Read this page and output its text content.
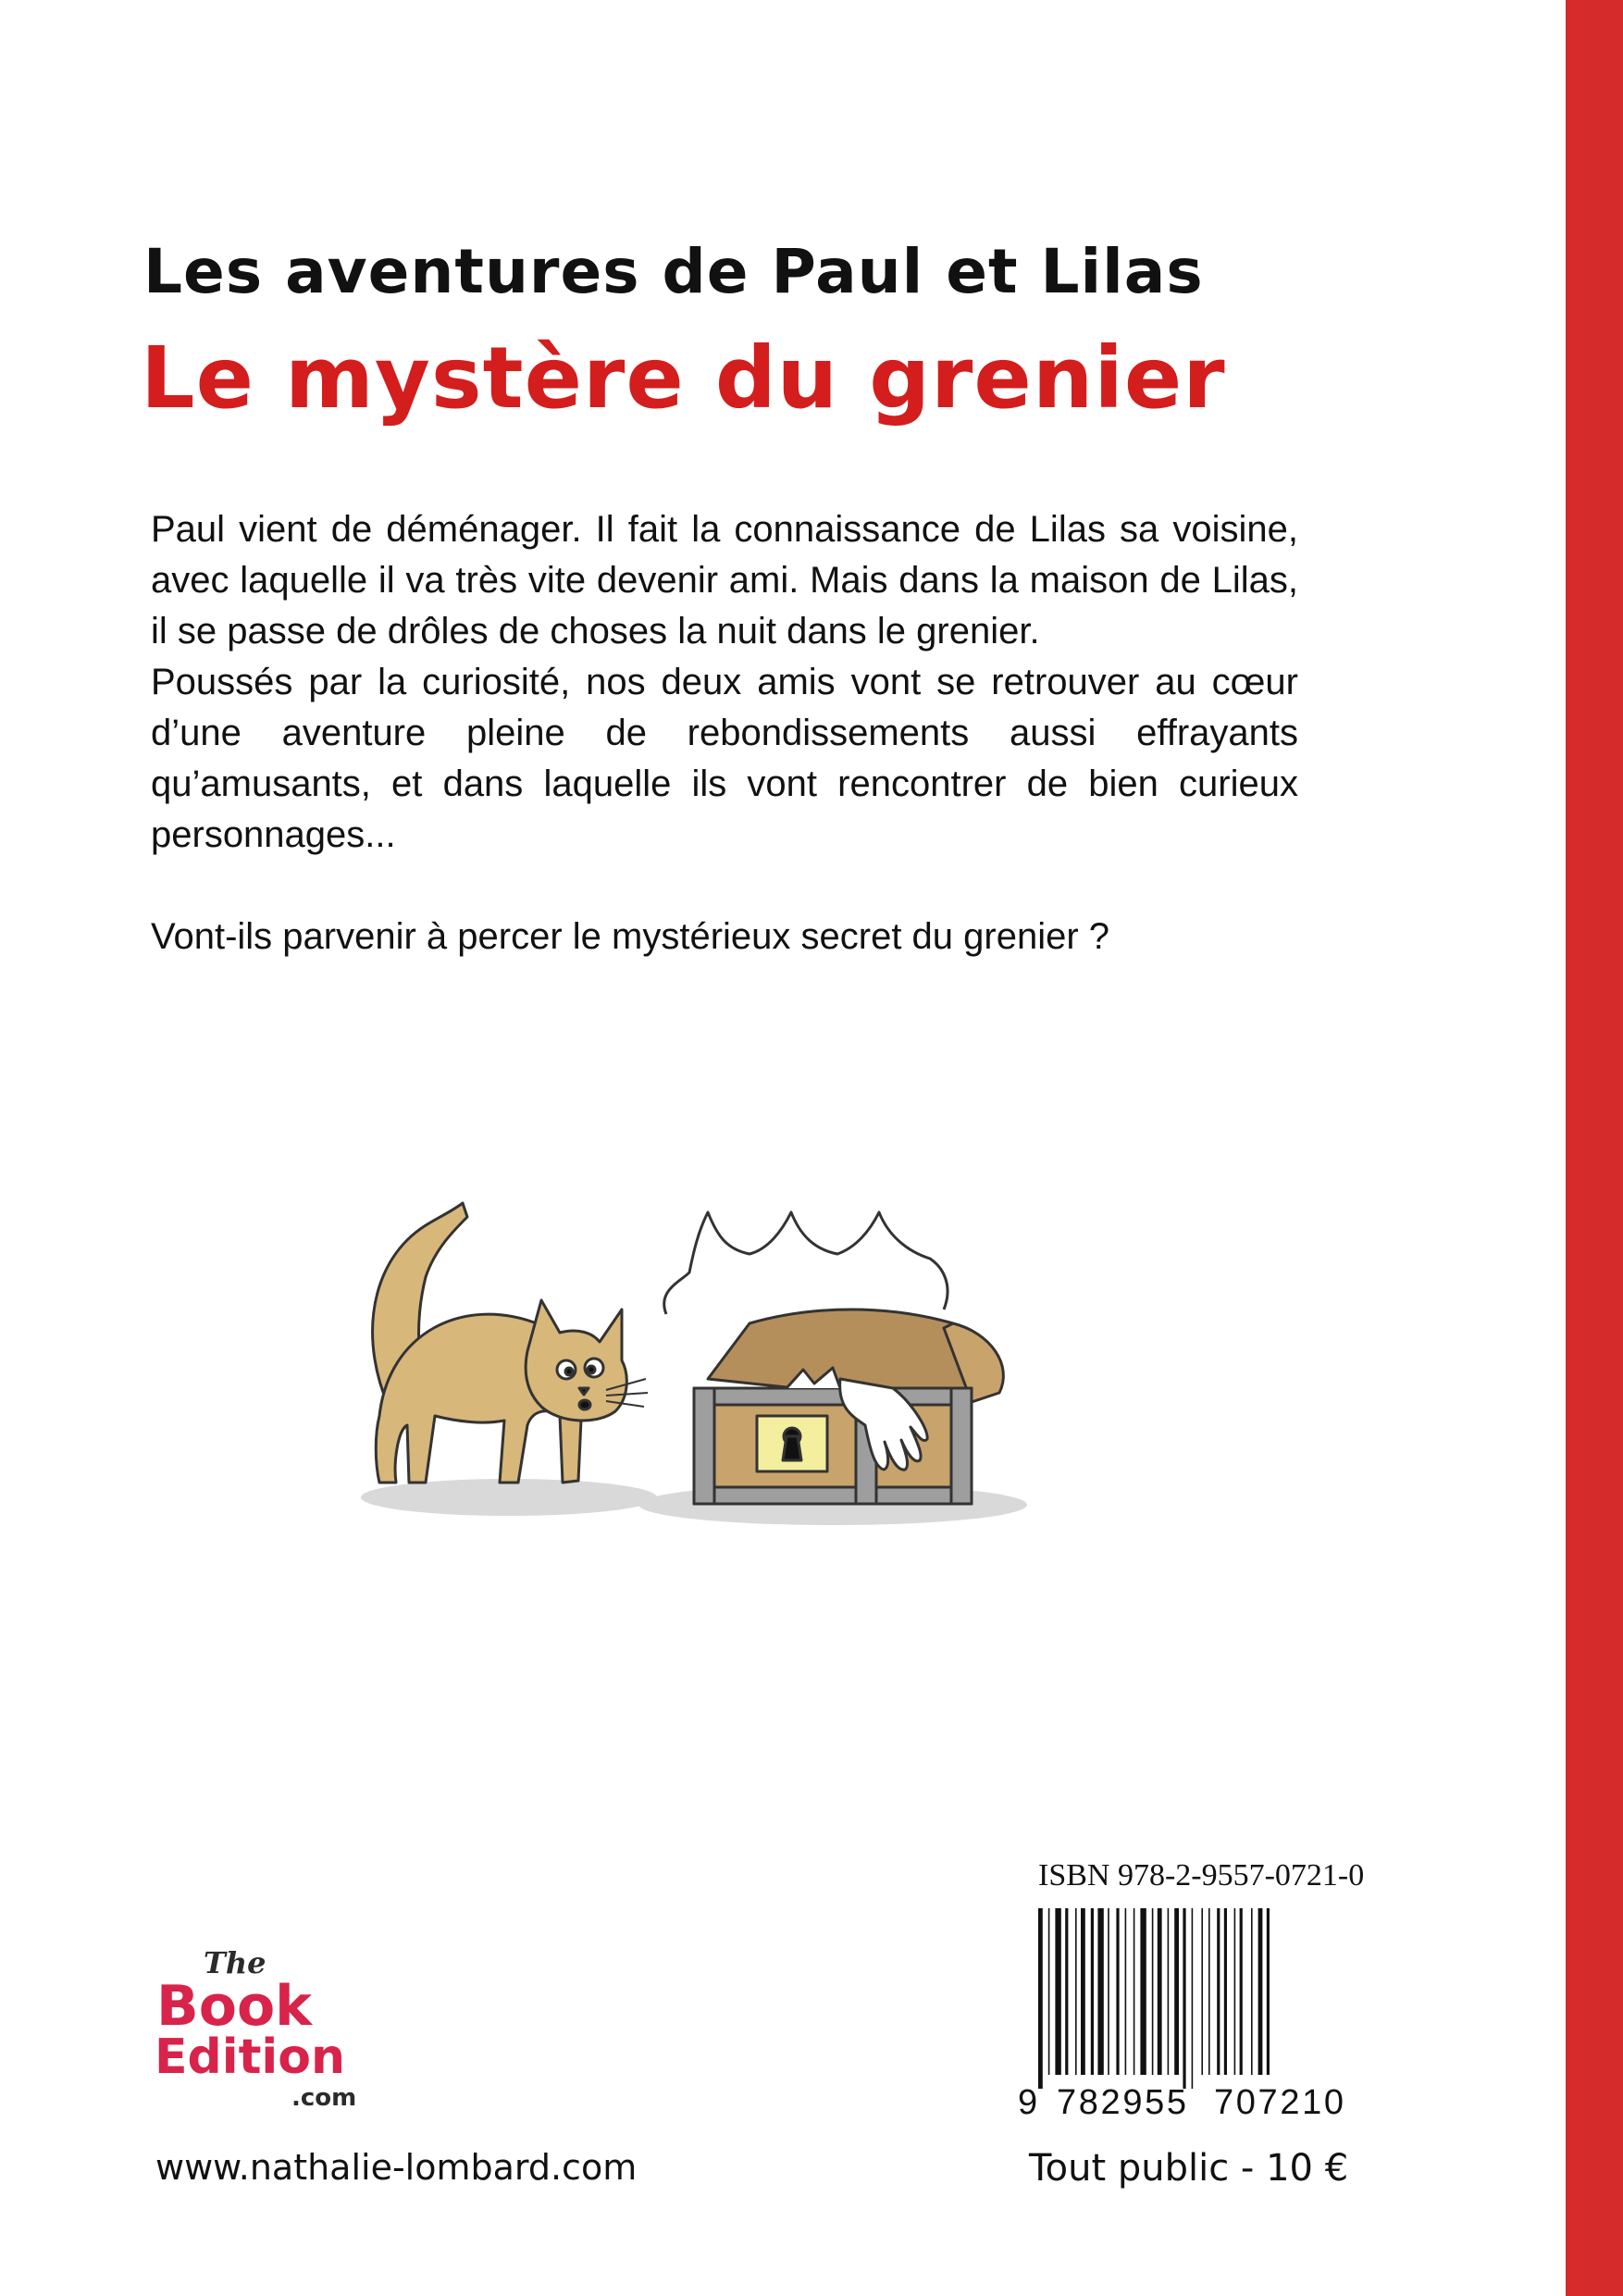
Les aventures de Paul et Lilas
Le mystère du grenier

Paul vient de déménager. Il fait la connaissance de Lilas sa voisine, avec laquelle il va très vite devenir ami. Mais dans la maison de Lilas, il se passe de drôles de choses la nuit dans le grenier.

Poussés par la curiosité, nos deux amis vont se retrouver au cœur d’une aventure pleine de rebondissements aussi effrayants qu’amusants, et dans laquelle ils vont rencontrer de bien curieux personnages...

Vont-ils parvenir à percer le mystérieux secret du grenier ?

ISBN 978-2-9557-0721-0
9 782955 707210
Tout public - 10 €
www.nathalie-lombard.com
The
Book
Edition
.com
